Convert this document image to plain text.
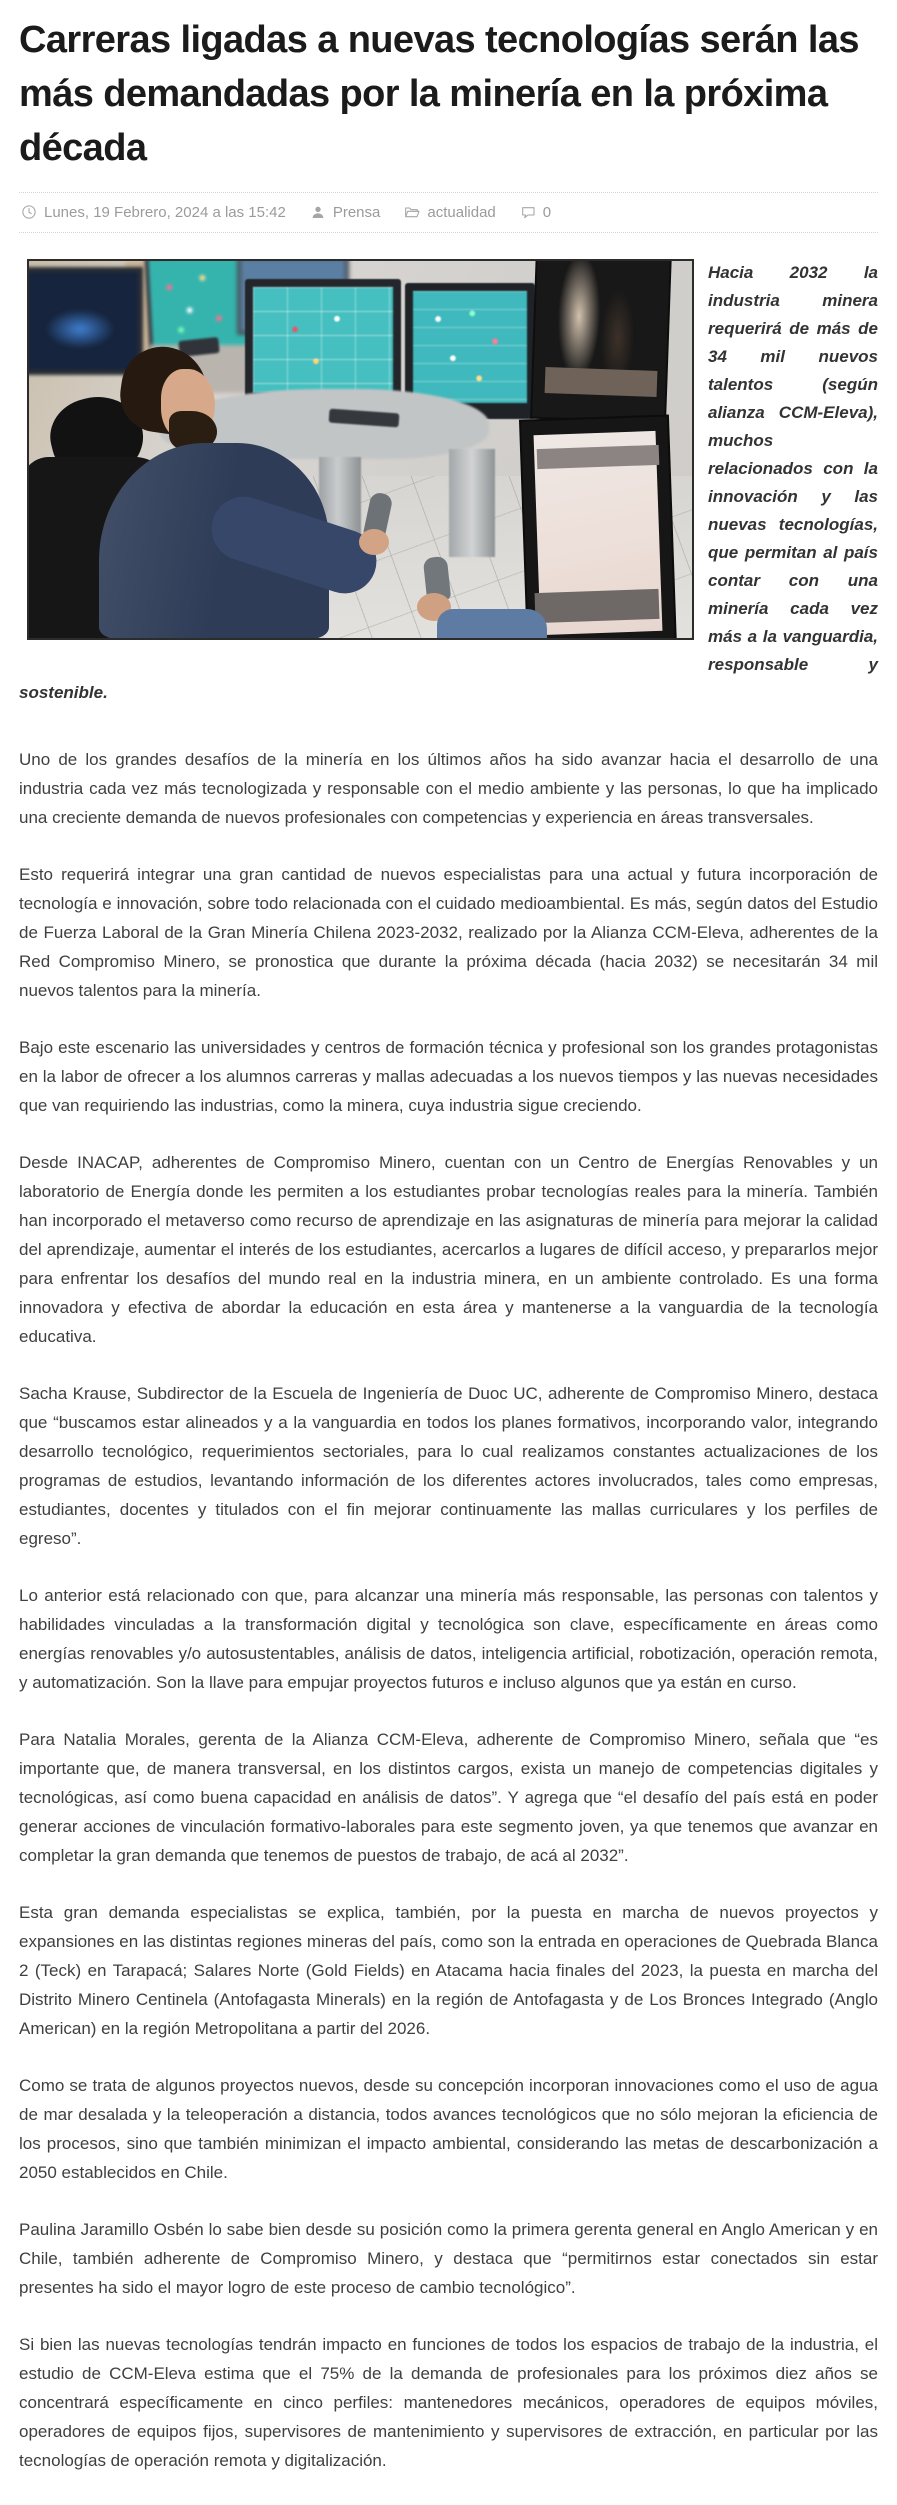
Carreras ligadas a nuevas tecnologías serán las más demandadas por la minería en la próxima década
Lunes, 19 Febrero, 2024 a las 15:42	Prensa	actualidad	0

Hacia 2032 la industria minera requerirá de más de 34 mil nuevos talentos (según alianza CCM-Eleva), muchos relacionados con la innovación y las nuevas tecnologías, que permitan al país contar con una minería cada vez más a la vanguardia, responsable y sostenible.

Uno de los grandes desafíos de la minería en los últimos años ha sido avanzar hacia el desarrollo de una industria cada vez más tecnologizada y responsable con el medio ambiente y las personas, lo que ha implicado una creciente demanda de nuevos profesionales con competencias y experiencia en áreas transversales.

Esto requerirá integrar una gran cantidad de nuevos especialistas para una actual y futura incorporación de tecnología e innovación, sobre todo relacionada con el cuidado medioambiental. Es más, según datos del Estudio de Fuerza Laboral de la Gran Minería Chilena 2023-2032, realizado por la Alianza CCM-Eleva, adherentes de la Red Compromiso Minero, se pronostica que durante la próxima década (hacia 2032) se necesitarán 34 mil nuevos talentos para la minería.

Bajo este escenario las universidades y centros de formación técnica y profesional son los grandes protagonistas en la labor de ofrecer a los alumnos carreras y mallas adecuadas a los nuevos tiempos y las nuevas necesidades que van requiriendo las industrias, como la minera, cuya industria sigue creciendo.

Desde INACAP, adherentes de Compromiso Minero, cuentan con un Centro de Energías Renovables y un laboratorio de Energía donde les permiten a los estudiantes probar tecnologías reales para la minería. También han incorporado el metaverso como recurso de aprendizaje en las asignaturas de minería para mejorar la calidad del aprendizaje, aumentar el interés de los estudiantes, acercarlos a lugares de difícil acceso, y prepararlos mejor para enfrentar los desafíos del mundo real en la industria minera, en un ambiente controlado. Es una forma innovadora y efectiva de abordar la educación en esta área y mantenerse a la vanguardia de la tecnología educativa.

Sacha Krause, Subdirector de la Escuela de Ingeniería de Duoc UC, adherente de Compromiso Minero, destaca que “buscamos estar alineados y a la vanguardia en todos los planes formativos, incorporando valor, integrando desarrollo tecnológico, requerimientos sectoriales, para lo cual realizamos constantes actualizaciones de los programas de estudios, levantando información de los diferentes actores involucrados, tales como empresas, estudiantes, docentes y titulados con el fin mejorar continuamente las mallas curriculares y los perfiles de egreso”.

Lo anterior está relacionado con que, para alcanzar una minería más responsable, las personas con talentos y habilidades vinculadas a la transformación digital y tecnológica son clave, específicamente en áreas como energías renovables y/o autosustentables, análisis de datos, inteligencia artificial, robotización, operación remota, y automatización. Son la llave para empujar proyectos futuros e incluso algunos que ya están en curso.

Para Natalia Morales, gerenta de la Alianza CCM-Eleva, adherente de Compromiso Minero, señala que “es importante que, de manera transversal, en los distintos cargos, exista un manejo de competencias digitales y tecnológicas, así como buena capacidad en análisis de datos”. Y agrega que “el desafío del país está en poder generar acciones de vinculación formativo-laborales para este segmento joven, ya que tenemos que avanzar en completar la gran demanda que tenemos de puestos de trabajo, de acá al 2032”.

Esta gran demanda especialistas se explica, también, por la puesta en marcha de nuevos proyectos y expansiones en las distintas regiones mineras del país, como son la entrada en operaciones de Quebrada Blanca 2 (Teck) en Tarapacá; Salares Norte (Gold Fields) en Atacama hacia finales del 2023, la puesta en marcha del Distrito Minero Centinela (Antofagasta Minerals) en la región de Antofagasta y de Los Bronces Integrado (Anglo American) en la región Metropolitana a partir del 2026.

Como se trata de algunos proyectos nuevos, desde su concepción incorporan innovaciones como el uso de agua de mar desalada y la teleoperación a distancia, todos avances tecnológicos que no sólo mejoran la eficiencia de los procesos, sino que también minimizan el impacto ambiental, considerando las metas de descarbonización a 2050 establecidos en Chile.

Paulina Jaramillo Osbén lo sabe bien desde su posición como la primera gerenta general en Anglo American y en Chile, también adherente de Compromiso Minero, y destaca que “permitirnos estar conectados sin estar presentes ha sido el mayor logro de este proceso de cambio tecnológico”.

Si bien las nuevas tecnologías tendrán impacto en funciones de todos los espacios de trabajo de la industria, el estudio de CCM-Eleva estima que el 75% de la demanda de profesionales para los próximos diez años se concentrará específicamente en cinco perfiles: mantenedores mecánicos, operadores de equipos móviles, operadores de equipos fijos, supervisores de mantenimiento y supervisores de extracción, en particular por las tecnologías de operación remota y digitalización.
